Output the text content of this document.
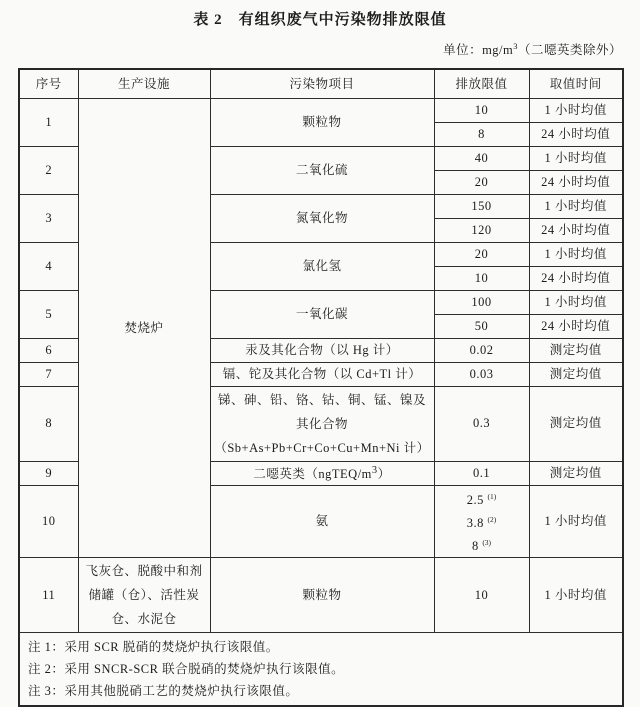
表 2　有组织废气中污染物排放限值
单位：$mg/m^3$（二噁英类除外）
序号	生产设施	污染物项目	排放限值	取值时间
1	焚烧炉	颗粒物	10	1 小时均值
			8	24 小时均值
2		二氧化硫	40	1 小时均值
			20	24 小时均值
3		氮氧化物	150	1 小时均值
			120	24 小时均值
4		氯化氢	20	1 小时均值
			10	24 小时均值
5		一氧化碳	100	1 小时均值
			50	24 小时均值
6		汞及其化合物（以 Hg 计）	0.02	测定均值
7		镉、铊及其化合物（以 Cd+Tl 计）	0.03	测定均值
8		锑、砷、铅、铬、钴、铜、锰、镍及
其化合物
（Sb+As+Pb+Cr+Co+Cu+Mn+Ni 计）	0.3	测定均值
9		二噁英类$(ngTEQ/m^3)$	0.1	测定均值
10		氨	2.5 $^{(1)}$
3.8 $^{(2)}$
8 $^{(3)}$	1 小时均值
11	飞灰仓、脱酸中和剂
储罐（仓）、活性炭
仓、水泥仓	颗粒物	10	1 小时均值

注 1：采用 SCR 脱硝的焚烧炉执行该限值。
注 2：采用 SNCR-SCR 联合脱硝的焚烧炉执行该限值。
注 3：采用其他脱硝工艺的焚烧炉执行该限值。				
